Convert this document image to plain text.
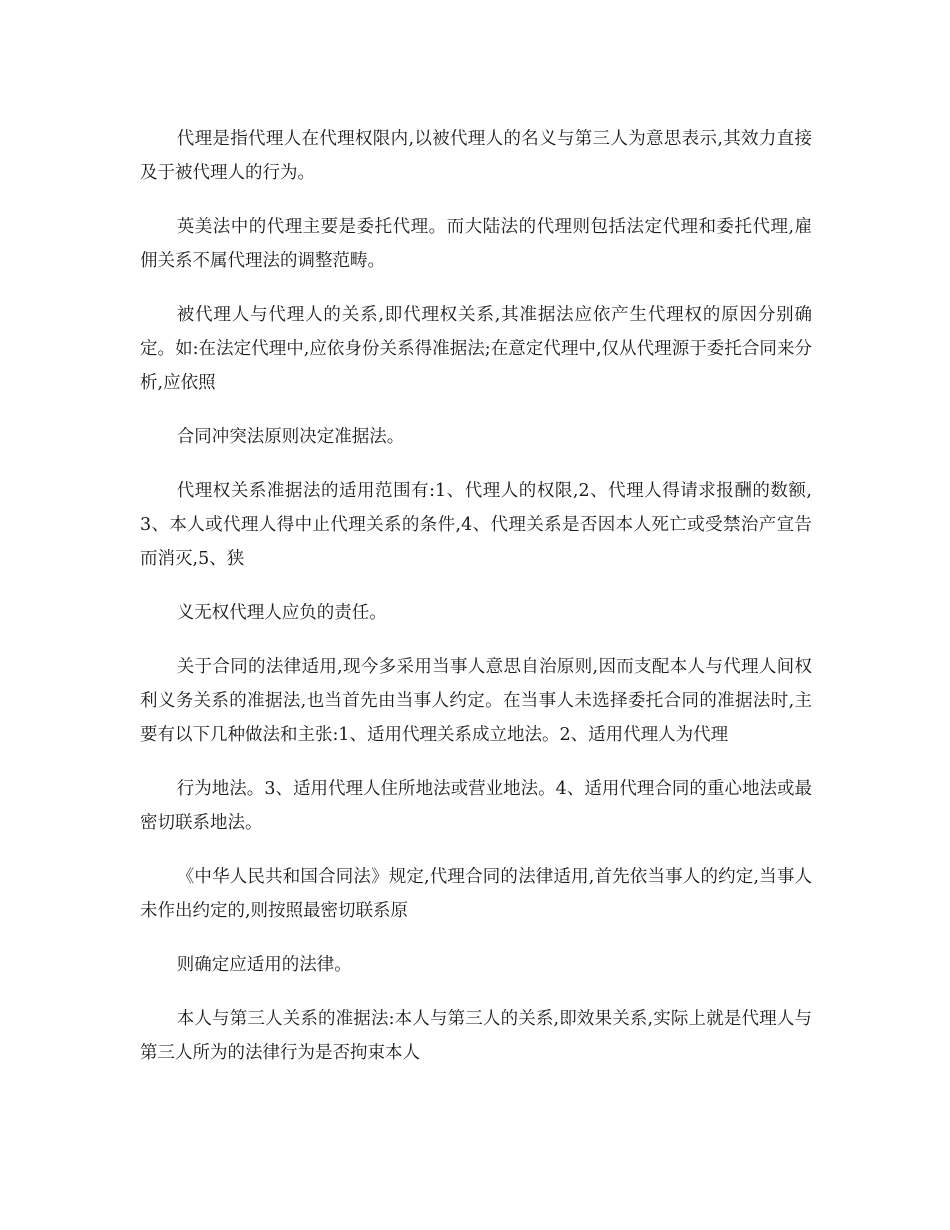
代理是指代理人在代理权限内,以被代理人的名义与第三人为意思表示,其效力直接及于被代理人的行为。

英美法中的代理主要是委托代理。而大陆法的代理则包括法定代理和委托代理,雇佣关系不属代理法的调整范畴。

被代理人与代理人的关系,即代理权关系,其准据法应依产生代理权的原因分别确定。如:在法定代理中,应依身份关系得准据法;在意定代理中,仅从代理源于委托合同来分析,应依照

合同冲突法原则决定准据法。

代理权关系准据法的适用范围有:1、代理人的权限,2、代理人得请求报酬的数额,3、本人或代理人得中止代理关系的条件,4、代理关系是否因本人死亡或受禁治产宣告而消灭,5、狭

义无权代理人应负的责任。

关于合同的法律适用,现今多采用当事人意思自治原则,因而支配本人与代理人间权利义务关系的准据法,也当首先由当事人约定。在当事人未选择委托合同的准据法时,主要有以下几种做法和主张:1、适用代理关系成立地法。2、适用代理人为代理

行为地法。3、适用代理人住所地法或营业地法。4、适用代理合同的重心地法或最密切联系地法。

《中华人民共和国合同法》规定,代理合同的法律适用,首先依当事人的约定,当事人未作出约定的,则按照最密切联系原

则确定应适用的法律。

本人与第三人关系的准据法:本人与第三人的关系,即效果关系,实际上就是代理人与第三人所为的法律行为是否拘束本人
